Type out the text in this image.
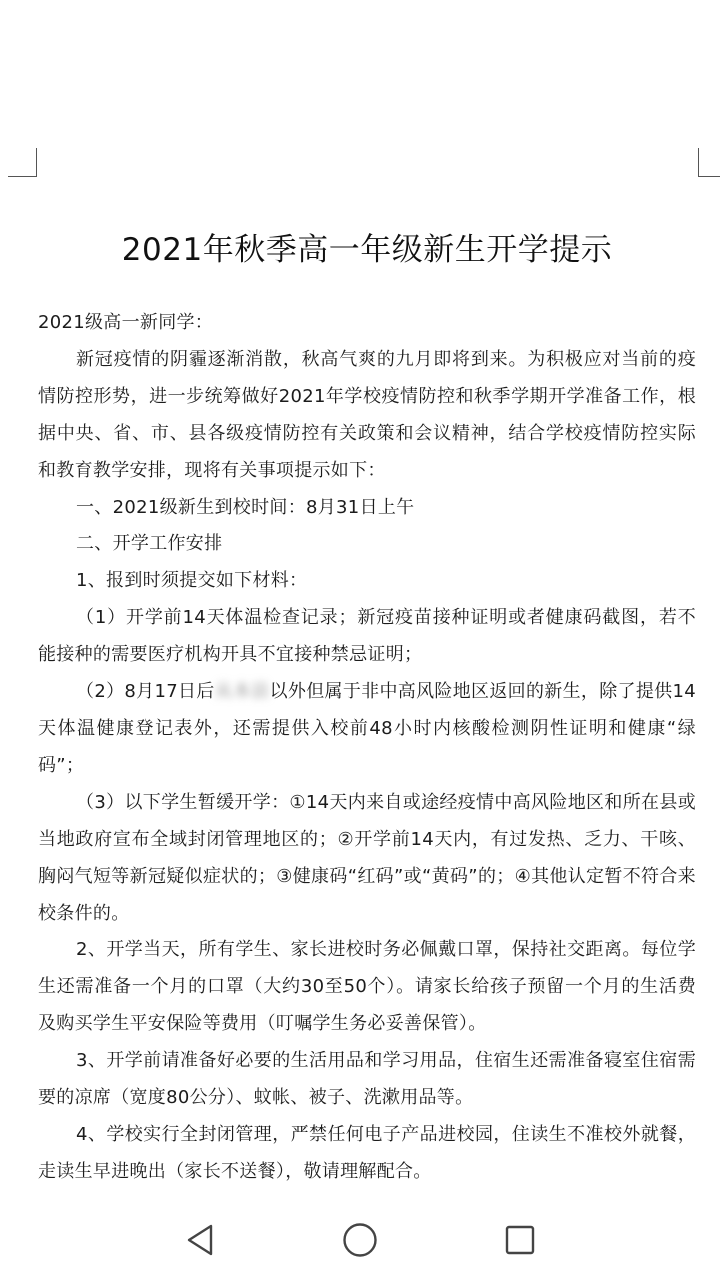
2021年秋季高一年级新生开学提示

2021级高一新同学：

新冠疫情的阴霾逐渐消散，秋高气爽的九月即将到来。为积极应对当前的疫情防控形势，进一步统筹做好2021年学校疫情防控和秋季学期开学准备工作，根据中央、省、市、县各级疫情防控有关政策和会议精神，结合学校疫情防控实际和教育教学安排，现将有关事项提示如下：

一、2021级新生到校时间：8月31日上午

二、开学工作安排

1、报到时须提交如下材料：

（1）开学前14天体温检查记录；新冠疫苗接种证明或者健康码截图，若不能接种的需要医疗机构开具不宜接种禁忌证明；

（2）8月17日后从本县以外但属于非中高风险地区返回的新生，除了提供14天体温健康登记表外，还需提供入校前48小时内核酸检测阴性证明和健康“绿码”；

（3）以下学生暂缓开学：①14天内来自或途经疫情中高风险地区和所在县或当地政府宣布全域封闭管理地区的；②开学前14天内，有过发热、乏力、干咳、胸闷气短等新冠疑似症状的；③健康码“红码”或“黄码”的；④其他认定暂不符合来校条件的。

2、开学当天，所有学生、家长进校时务必佩戴口罩，保持社交距离。每位学生还需准备一个月的口罩（大约30至50个）。请家长给孩子预留一个月的生活费及购买学生平安保险等费用（叮嘱学生务必妥善保管）。

3、开学前请准备好必要的生活用品和学习用品，住宿生还需准备寝室住宿需要的凉席（宽度80公分）、蚊帐、被子、洗漱用品等。

4、学校实行全封闭管理，严禁任何电子产品进校园，住读生不准校外就餐，走读生早进晚出（家长不送餐），敬请理解配合。
